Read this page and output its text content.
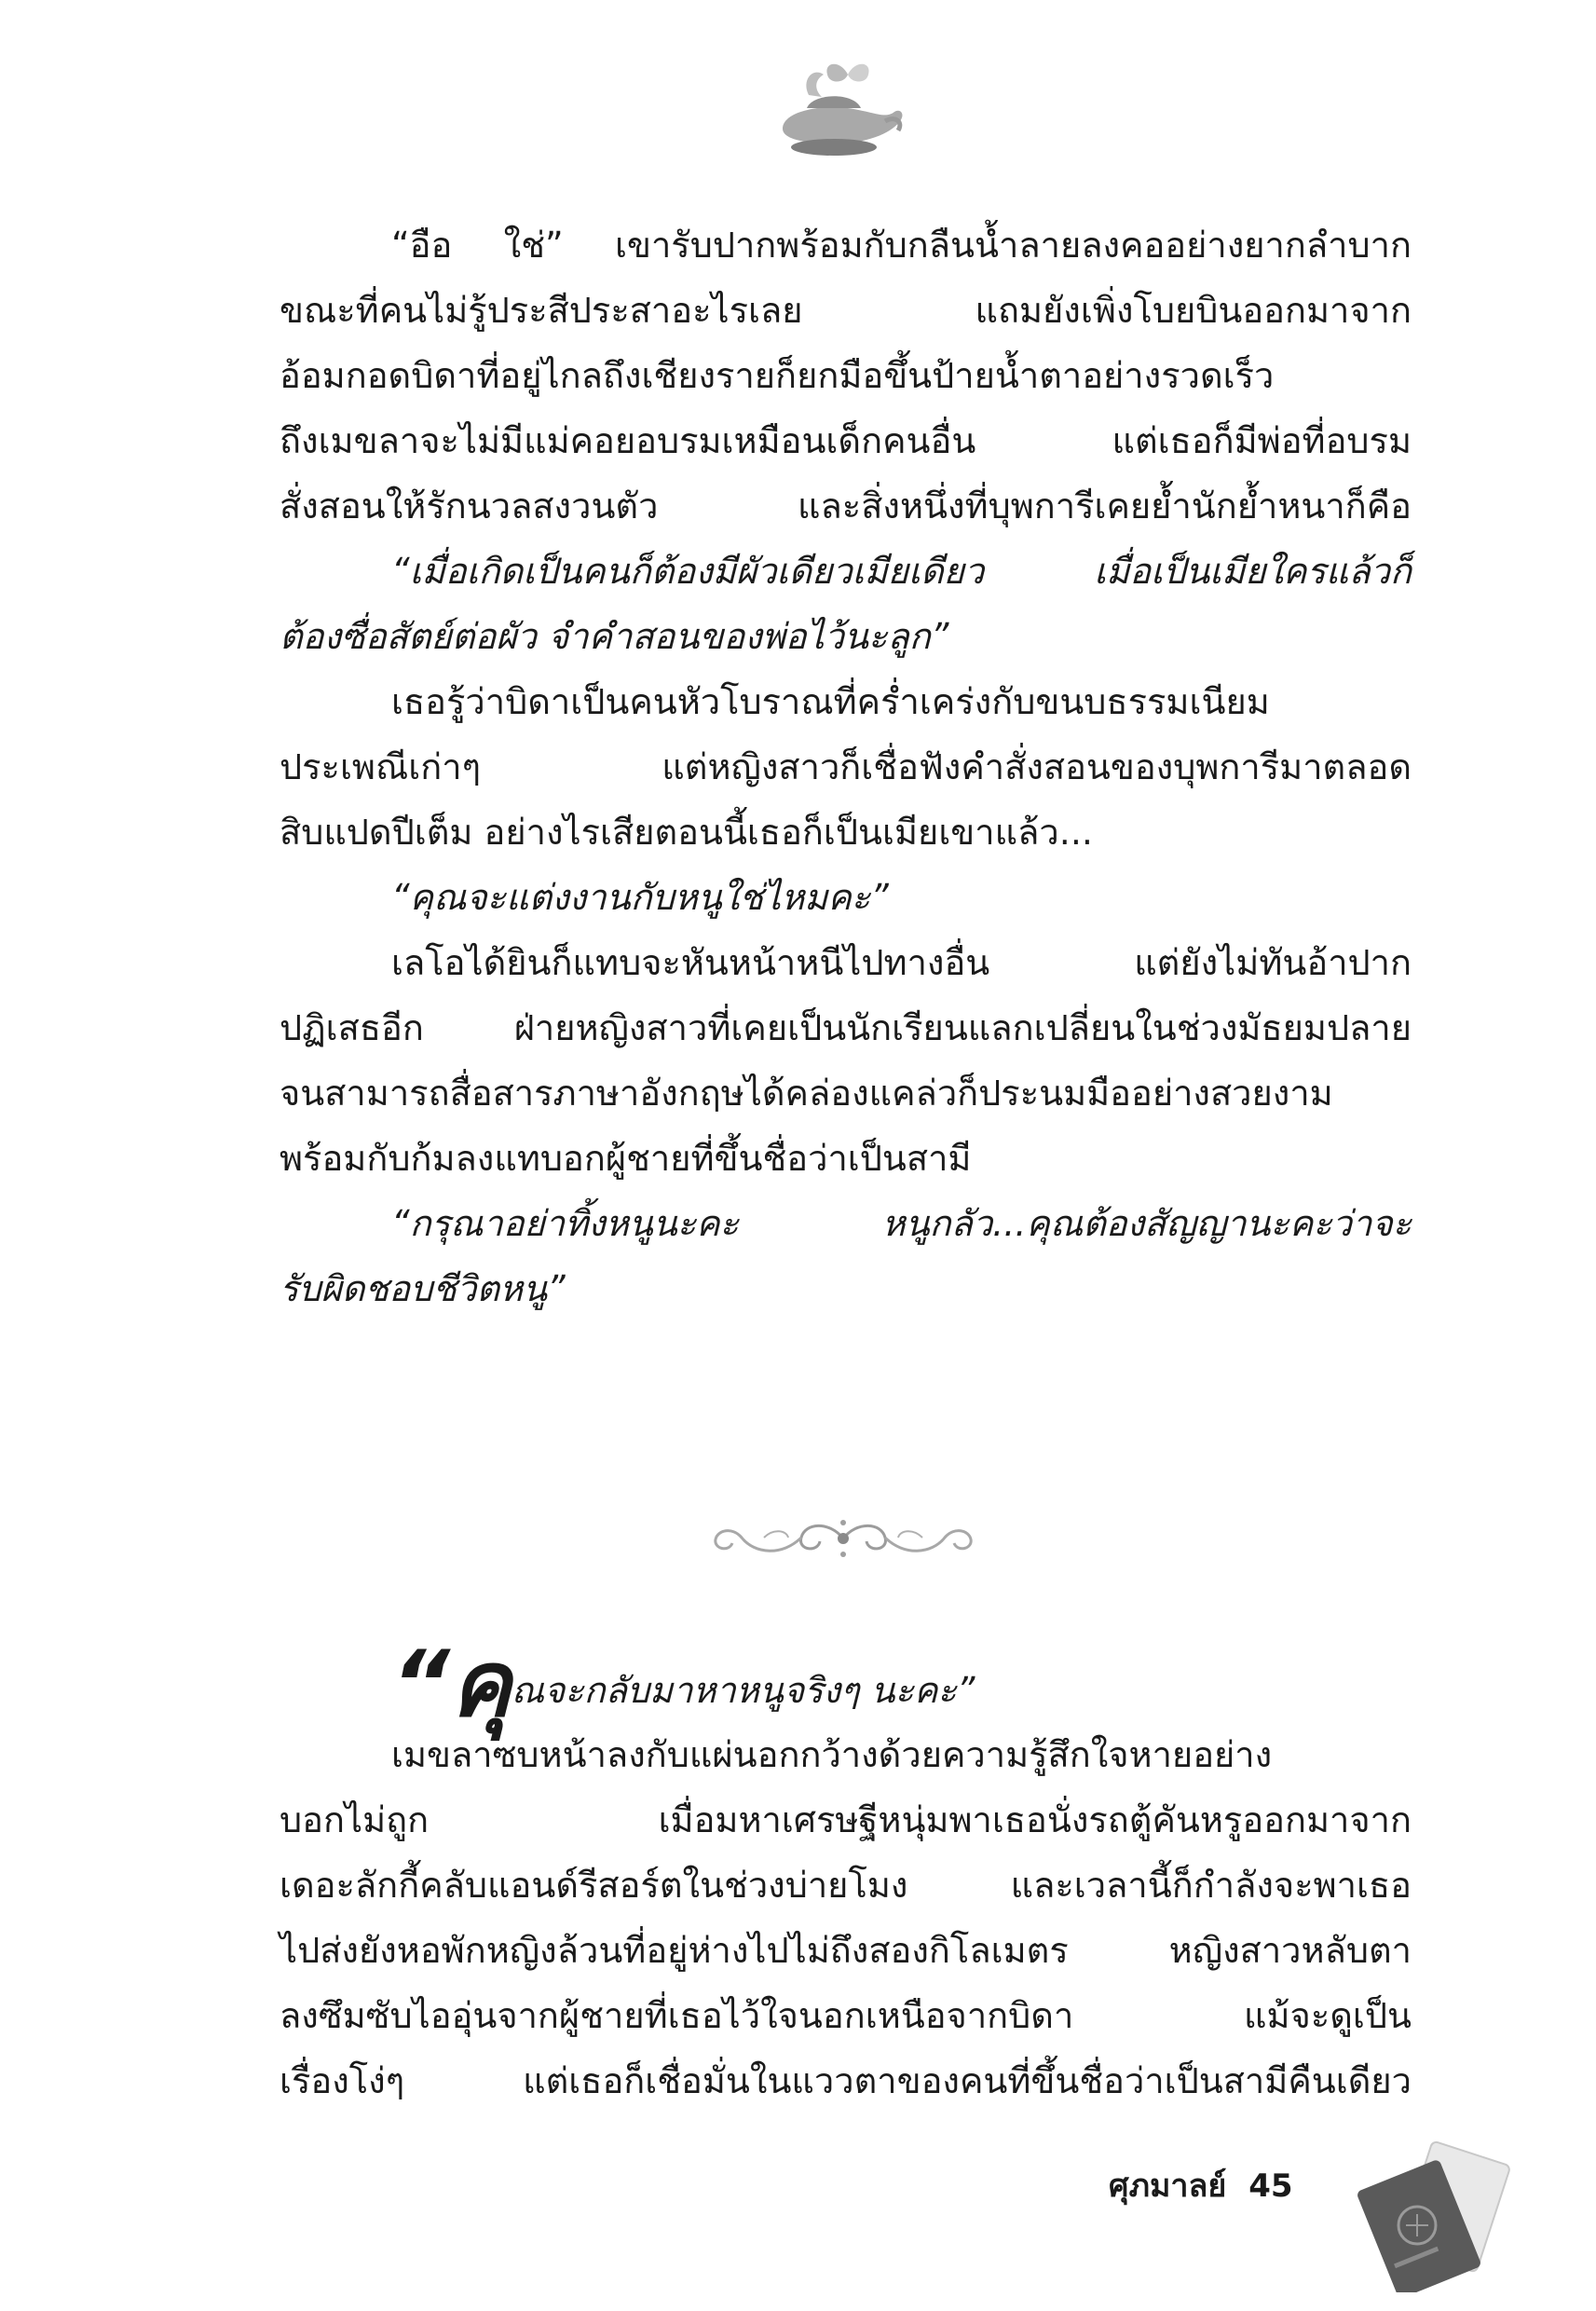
“อือ ใช่” เขารับปากพร้อมกับกลืนน้ำลายลงคออย่างยากลำบาก
ขณะที่คนไม่รู้ประสีประสาอะไรเลย แถมยังเพิ่งโบยบินออกมาจาก
อ้อมกอดบิดาที่อยู่ไกลถึงเชียงรายก็ยกมือขึ้นป้ายน้ำตาอย่างรวดเร็ว
ถึงเมขลาจะไม่มีแม่คอยอบรมเหมือนเด็กคนอื่น แต่เธอก็มีพ่อที่อบรม
สั่งสอนให้รักนวลสงวนตัว และสิ่งหนึ่งที่บุพการีเคยย้ำนักย้ำหนาก็คือ
“เมื่อเกิดเป็นคนก็ต้องมีผัวเดียวเมียเดียว เมื่อเป็นเมียใครแล้วก็
ต้องซื่อสัตย์ต่อผัว จำคำสอนของพ่อไว้นะลูก”
เธอรู้ว่าบิดาเป็นคนหัวโบราณที่คร่ำเคร่งกับขนบธรรมเนียม
ประเพณีเก่าๆ แต่หญิงสาวก็เชื่อฟังคำสั่งสอนของบุพการีมาตลอด
สิบแปดปีเต็ม อย่างไรเสียตอนนี้เธอก็เป็นเมียเขาแล้ว...
“คุณจะแต่งงานกับหนูใช่ไหมคะ”
เลโอได้ยินก็แทบจะหันหน้าหนีไปทางอื่น แต่ยังไม่ทันอ้าปาก
ปฏิเสธอีก ฝ่ายหญิงสาวที่เคยเป็นนักเรียนแลกเปลี่ยนในช่วงมัธยมปลาย
จนสามารถสื่อสารภาษาอังกฤษได้คล่องแคล่วก็ประนมมืออย่างสวยงาม
พร้อมกับก้มลงแทบอกผู้ชายที่ขึ้นชื่อว่าเป็นสามี
“กรุณาอย่าทิ้งหนูนะคะ หนูกลัว...คุณต้องสัญญานะคะว่าจะ
รับผิดชอบชีวิตหนู”
“คุณจะกลับมาหาหนูจริงๆ นะคะ”
เมขลาซบหน้าลงกับแผ่นอกกว้างด้วยความรู้สึกใจหายอย่าง
บอกไม่ถูก เมื่อมหาเศรษฐีหนุ่มพาเธอนั่งรถตู้คันหรูออกมาจาก
เดอะลักกี้คลับแอนด์รีสอร์ตในช่วงบ่ายโมง และเวลานี้ก็กำลังจะพาเธอ
ไปส่งยังหอพักหญิงล้วนที่อยู่ห่างไปไม่ถึงสองกิโลเมตร หญิงสาวหลับตา
ลงซึมซับไออุ่นจากผู้ชายที่เธอไว้ใจนอกเหนือจากบิดา แม้จะดูเป็น
เรื่องโง่ๆ แต่เธอก็เชื่อมั่นในแววตาของคนที่ขึ้นชื่อว่าเป็นสามีคืนเดียว
ศุภมาลย์ 45
